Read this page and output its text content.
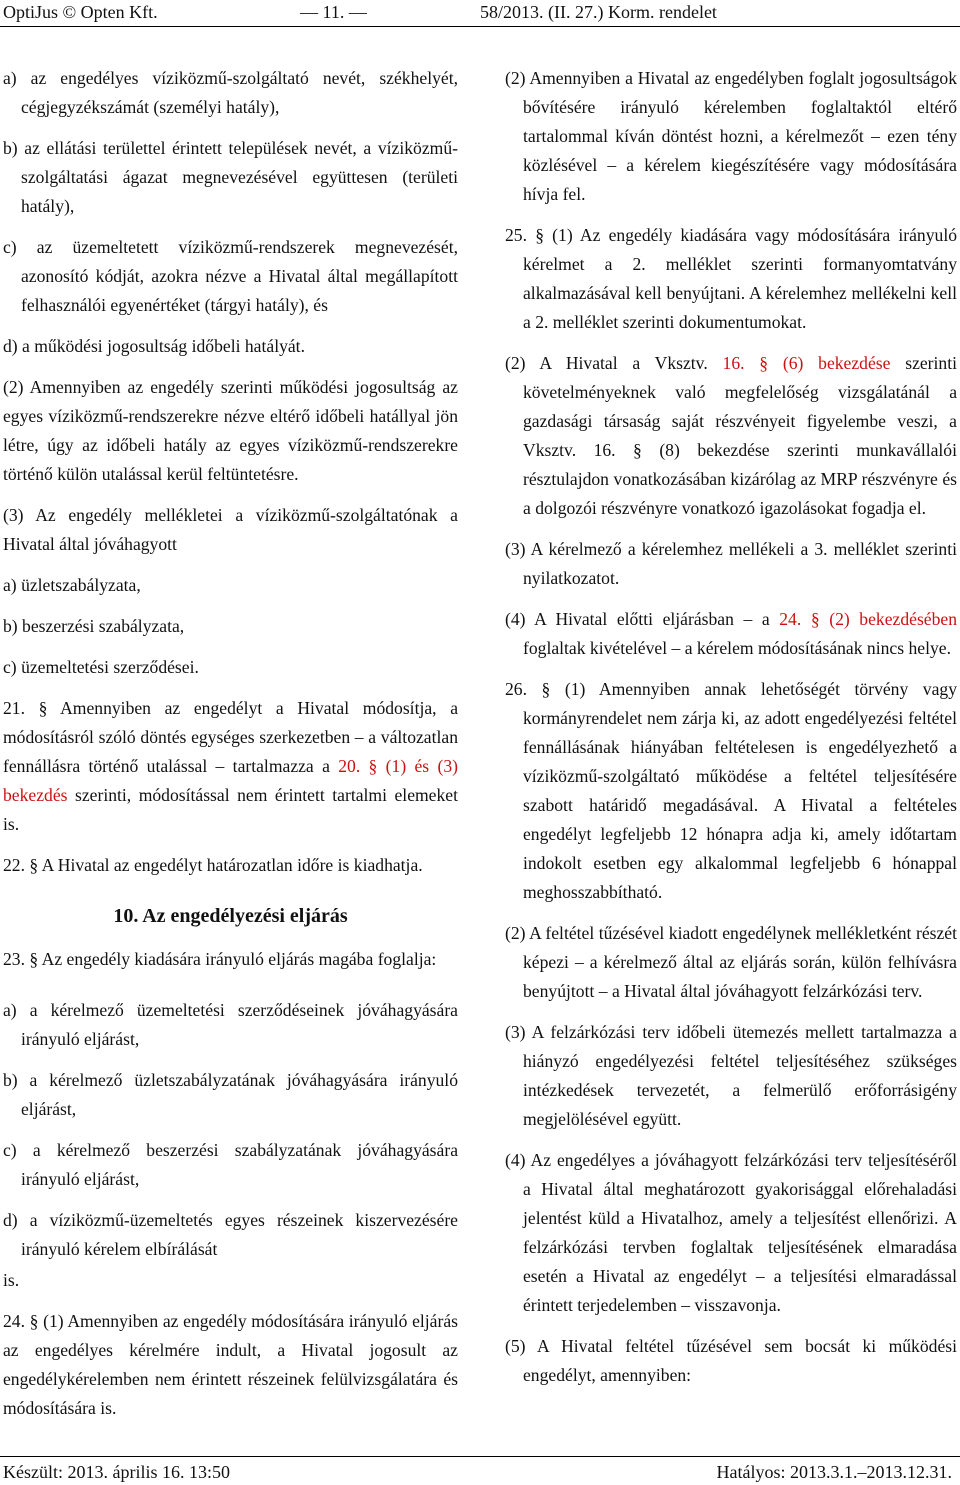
OptiJus © Opten Kft.	— 11. —	58/2013. (II. 27.) Korm. rendelet

a) az engedélyes víziközmű-szolgáltató nevét, székhelyét, cégjegyzékszámát (személyi hatály),

b) az ellátási területtel érintett települések nevét, a víziközmű-szolgáltatási ágazat megnevezésével együttesen (területi hatály),

c) az üzemeltetett víziközmű-rendszerek megnevezését, azonosító kódját, azokra nézve a Hivatal által megállapított felhasználói egyenértéket (tárgyi hatály), és

d) a működési jogosultság időbeli hatályát.

(2) Amennyiben az engedély szerinti működési jogosultság az egyes víziközmű-rendszerekre nézve eltérő időbeli hatállyal jön létre, úgy az időbeli hatály az egyes víziközmű-rendszerekre történő külön utalással kerül feltüntetésre.

(3) Az engedély mellékletei a víziközmű-szolgáltatónak a Hivatal által jóváhagyott

a) üzletszabályzata,

b) beszerzési szabályzata,

c) üzemeltetési szerződései.

21. § Amennyiben az engedélyt a Hivatal módosítja, a módosításról szóló döntés egységes szerkezetben – a változatlan fennállásra történő utalással – tartalmazza a 20. § (1) és (3) bekezdés szerinti, módosítással nem érintett tartalmi elemeket is.

22. § A Hivatal az engedélyt határozatlan időre is kiadhatja.

10. Az engedélyezési eljárás

23. § Az engedély kiadására irányuló eljárás magába foglalja:

a) a kérelmező üzemeltetési szerződéseinek jóváhagyására irányuló eljárást,

b) a kérelmező üzletszabályzatának jóváhagyására irányuló eljárást,

c) a kérelmező beszerzési szabályzatának jóváhagyására irányuló eljárást,

d) a víziközmű-üzemeltetés egyes részeinek kiszervezésére irányuló kérelem elbírálását

is.

24. § (1) Amennyiben az engedély módosítására irányuló eljárás az engedélyes kérelmére indult, a Hivatal jogosult az engedélykérelemben nem érintett részeinek felülvizsgálatára és módosítására is.

(2) Amennyiben a Hivatal az engedélyben foglalt jogosultságok bővítésére irányuló kérelemben foglaltaktól eltérő tartalommal kíván döntést hozni, a kérelmezőt – ezen tény közlésével – a kérelem kiegészítésére vagy módosítására hívja fel.

25. § (1) Az engedély kiadására vagy módosítására irányuló kérelmet a 2. melléklet szerinti formanyomtatvány alkalmazásával kell benyújtani. A kérelemhez mellékelni kell a 2. melléklet szerinti dokumentumokat.

(2) A Hivatal a Vksztv. 16. § (6) bekezdése szerinti követelményeknek való megfelelőség vizsgálatánál a gazdasági társaság saját részvényeit figyelembe veszi, a Vksztv. 16. § (8) bekezdése szerinti munkavállalói résztulajdon vonatkozásában kizárólag az MRP részvényre és a dolgozói részvényre vonatkozó igazolásokat fogadja el.

(3) A kérelmező a kérelemhez mellékeli a 3. melléklet szerinti nyilatkozatot.

(4) A Hivatal előtti eljárásban – a 24. § (2) bekezdésében foglaltak kivételével – a kérelem módosításának nincs helye.

26. § (1) Amennyiben annak lehetőségét törvény vagy kormányrendelet nem zárja ki, az adott engedélyezési feltétel fennállásának hiányában feltételesen is engedélyezhető a víziközmű-szolgáltató működése a feltétel teljesítésére szabott határidő megadásával. A Hivatal a feltételes engedélyt legfeljebb 12 hónapra adja ki, amely időtartam indokolt esetben egy alkalommal legfeljebb 6 hónappal meghosszabbítható.

(2) A feltétel tűzésével kiadott engedélynek mellékletként részét képezi – a kérelmező által az eljárás során, külön felhívásra benyújtott – a Hivatal által jóváhagyott felzárkózási terv.

(3) A felzárkózási terv időbeli ütemezés mellett tartalmazza a hiányzó engedélyezési feltétel teljesítéséhez szükséges intézkedések tervezetét, a felmerülő erőforrásigény megjelölésével együtt.

(4) Az engedélyes a jóváhagyott felzárkózási terv teljesítéséről a Hivatal által meghatározott gyakorisággal előrehaladási jelentést küld a Hivatalhoz, amely a teljesítést ellenőrizi. A felzárkózási tervben foglaltak teljesítésének elmaradása esetén a Hivatal az engedélyt – a teljesítési elmaradással érintett terjedelemben – visszavonja.

(5) A Hivatal feltétel tűzésével sem bocsát ki működési engedélyt, amennyiben:

Készült: 2013. április 16. 13:50	Hatályos: 2013.3.1.–2013.12.31.
